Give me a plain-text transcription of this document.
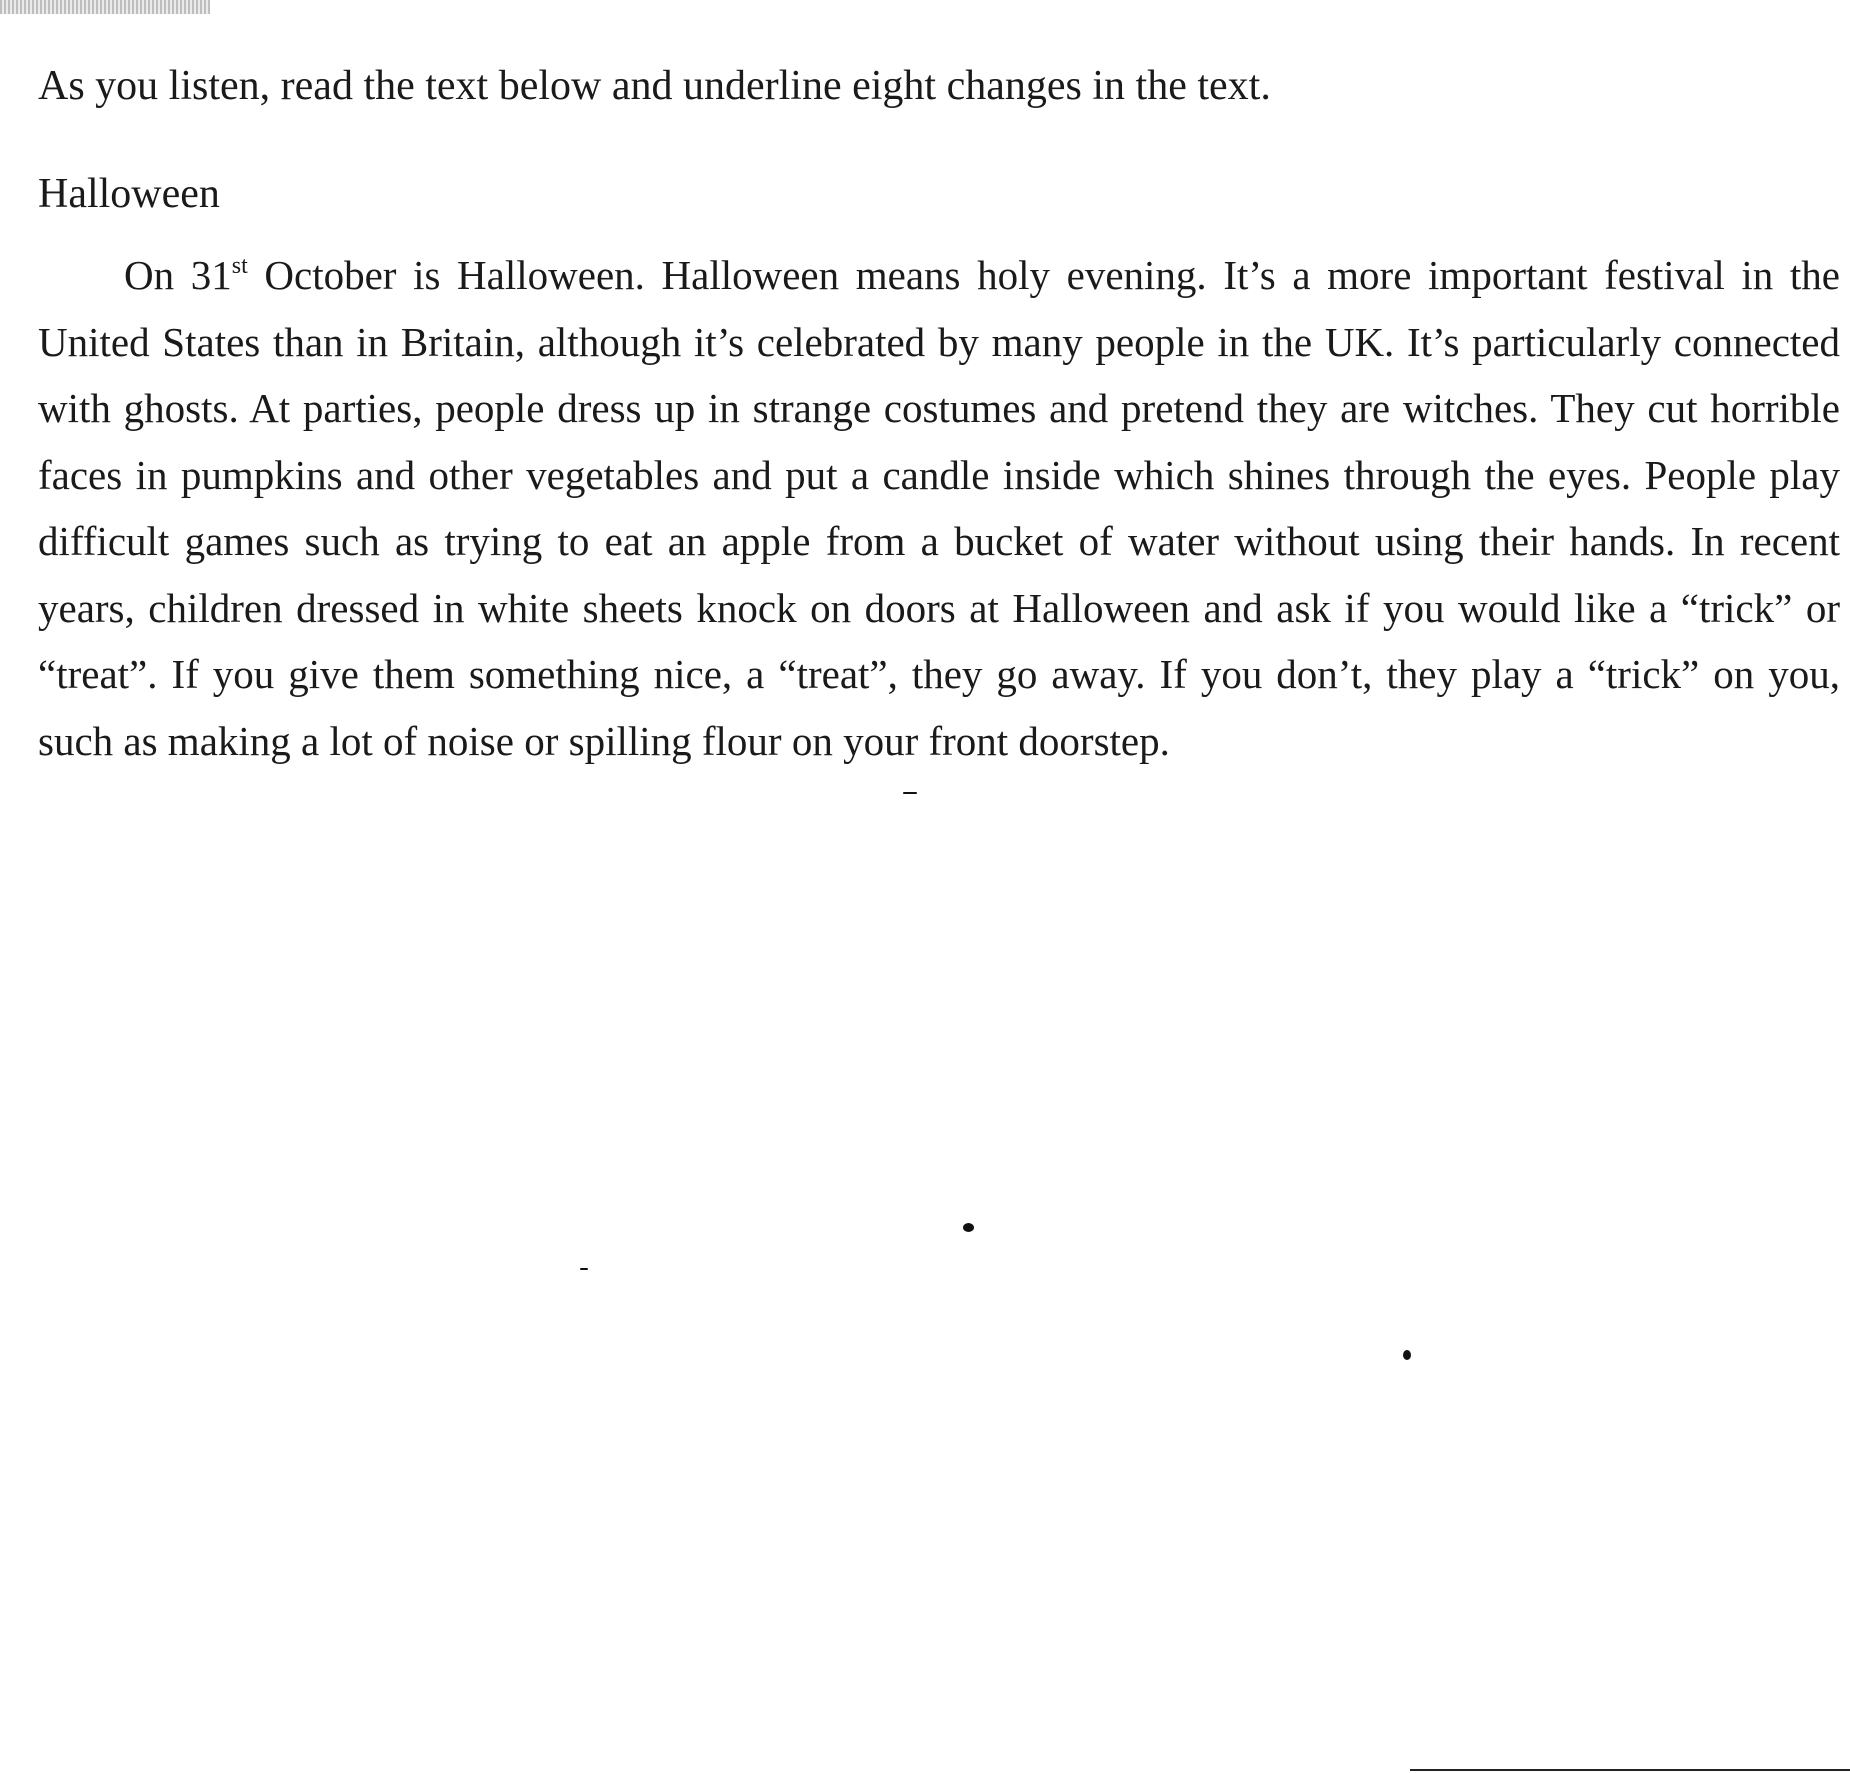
As you listen, read the text below and underline eight changes in the text.

Halloween

On 31st October is Halloween. Halloween means holy evening. It’s a more important festival in the United States than in Britain, although it’s celebrated by many people in the UK. It’s particularly connected with ghosts. At parties, people dress up in strange costumes and pretend they are witches. They cut horrible faces in pumpkins and other vegetables and put a candle inside which shines through the eyes. People play difficult games such as trying to eat an apple from a bucket of water without using their hands. In recent years, children dressed in white sheets knock on doors at Halloween and ask if you would like a “trick” or “treat”. If you give them something nice, a “treat”, they go away. If you don’t, they play a “trick” on you, such as making a lot of noise or spilling flour on your front doorstep.
